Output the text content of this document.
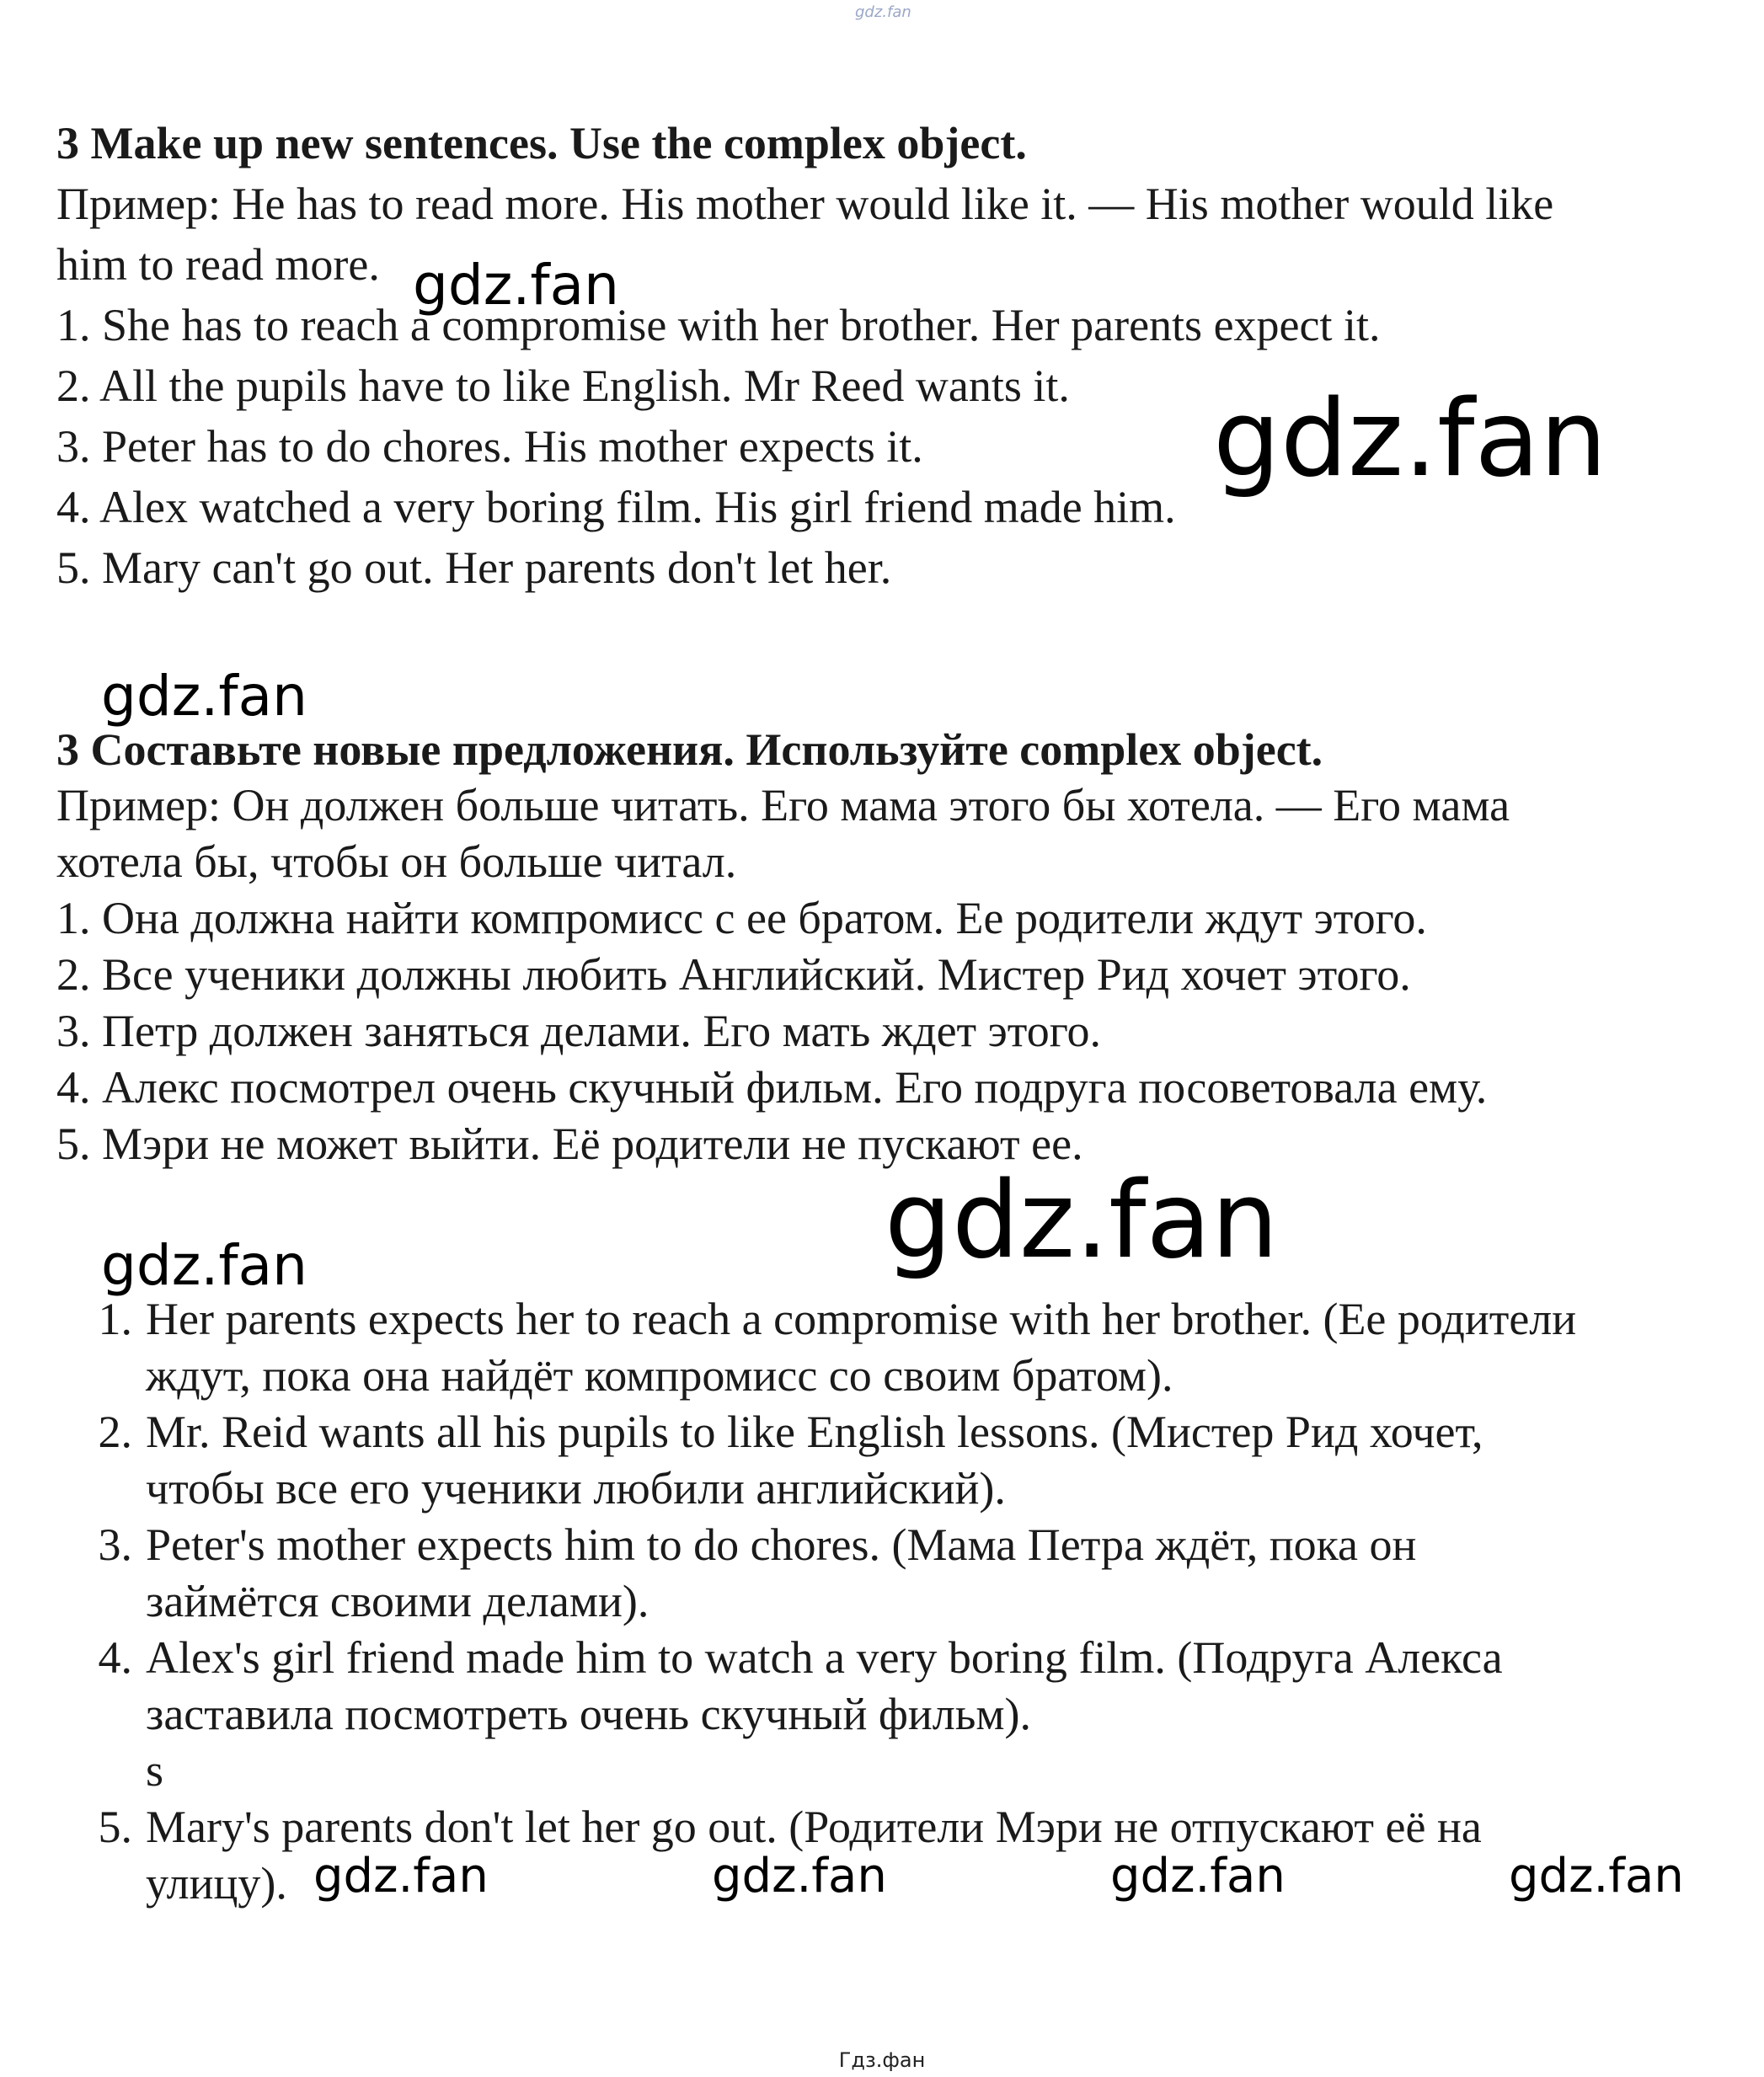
gdz.fan
3 Make up new sentences. Use the complex object.
Пример: He has to read more. His mother would like it. — His mother would like
him to read more.
1. She has to reach a compromise with her brother. Her parents expect it.
2. All the pupils have to like English. Mr Reed wants it.
3. Peter has to do chores. His mother expects it.
4. Alex watched a very boring film. His girl friend made him.
5. Mary can't go out. Her parents don't let her.
3 Составьте новые предложения. Используйте complex object.
Пример: Он должен больше читать. Его мама этого бы хотела. — Его мама
хотела бы, чтобы он больше читал.
1. Она должна найти компромисс с ее братом. Ее родители ждут этого.
2. Все ученики должны любить Английский. Мистер Рид хочет этого.
3. Петр должен заняться делами. Его мать ждет этого.
4. Алекс посмотрел очень скучный фильм. Его подруга посоветовала ему.
5. Мэри не может выйти. Её родители не пускают ее.
1. Her parents expects her to reach a compromise with her brother. (Ее родители
ждут, пока она найдёт компромисс со своим братом).
2. Mr. Reid wants all his pupils to like English lessons. (Мистер Рид хочет,
чтобы все его ученики любили английский).
3. Peter's mother expects him to do chores. (Мама Петра ждёт, пока он
займётся своими делами).
4. Alex's girl friend made him to watch a very boring film. (Подруга Алекса
заставила посмотреть очень скучный фильм).
s
5. Mary's parents don't let her go out. (Родители Мэри не отпускают её на
улицу).
gdz.fan
gdz.fan
gdz.fan
gdz.fan
gdz.fan
gdz.fan	gdz.fan	gdz.fan	gdz.fan
Гдз.фан
